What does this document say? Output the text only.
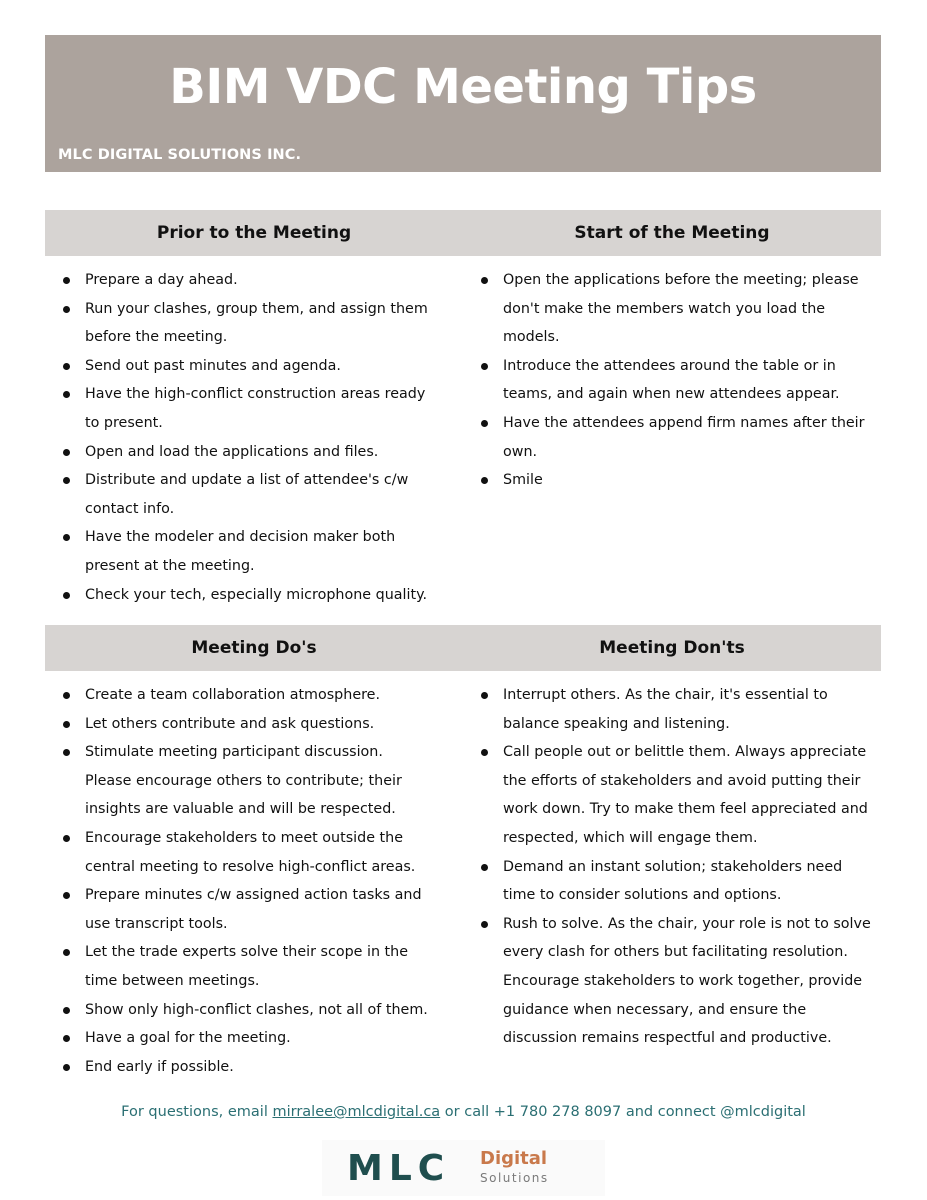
BIM VDC Meeting Tips
MLC DIGITAL SOLUTIONS INC.
Prior to the Meeting	Start of the Meeting
Prepare a day ahead.
Run your clashes, group them, and assign them before the meeting.
Send out past minutes and agenda.
Have the high-conflict construction areas ready to present.
Open and load the applications and files.
Distribute and update a list of attendee's c/w contact info.
Have the modeler and decision maker both present at the meeting.
Check your tech, especially microphone quality.
Open the applications before the meeting; please don't make the members watch you load the models.
Introduce the attendees around the table or in teams, and again when new attendees appear.
Have the attendees append firm names after their own.
Smile
Meeting Do's	Meeting Don'ts
Create a team collaboration atmosphere.
Let others contribute and ask questions.
Stimulate meeting participant discussion. Please encourage others to contribute; their insights are valuable and will be respected.
Encourage stakeholders to meet outside the central meeting to resolve high-conflict areas.
Prepare minutes c/w assigned action tasks and use transcript tools.
Let the trade experts solve their scope in the time between meetings.
Show only high-conflict clashes, not all of them.
Have a goal for the meeting.
End early if possible.
Interrupt others. As the chair, it's essential to balance speaking and listening.
Call people out or belittle them. Always appreciate the efforts of stakeholders and avoid putting their work down. Try to make them feel appreciated and respected, which will engage them.
Demand an instant solution; stakeholders need time to consider solutions and options.
Rush to solve. As the chair, your role is not to solve every clash for others but facilitating resolution. Encourage stakeholders to work together, provide guidance when necessary, and ensure the discussion remains respectful and productive.
For questions, email mirralee@mlcdigital.ca or call +1 780 278 8097 and connect @mlcdigital
MLC Digital
Solutions
